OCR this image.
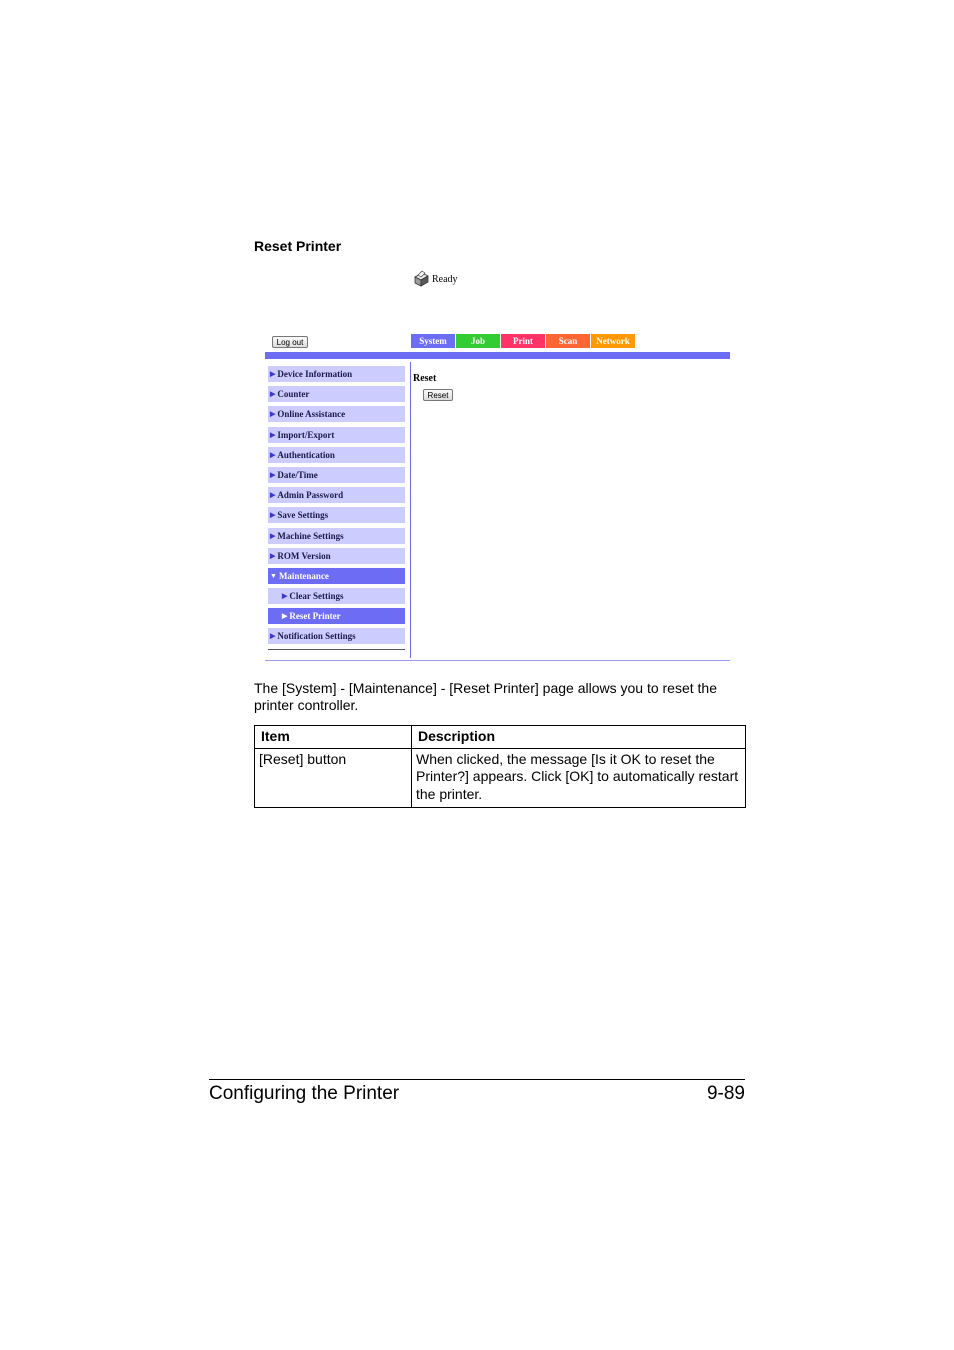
Reset Printer
Ready
Log out	System	Job	Print	Scan	Network
▶ Device Information
▶ Counter
▶ Online Assistance
▶ Import/Export
▶ Authentication
▶ Date/Time
▶ Admin Password
▶ Save Settings
▶ Machine Settings
▶ ROM Version
▼ Maintenance
▶ Clear Settings
▶ Reset Printer
▶ Notification Settings
Reset
Reset
The [System] - [Maintenance] - [Reset Printer] page allows you to reset the printer controller.
Item	Description
[Reset] button	When clicked, the message [Is it OK to reset the Printer?] appears. Click [OK] to automatically restart the printer.
Configuring the Printer	9-89
